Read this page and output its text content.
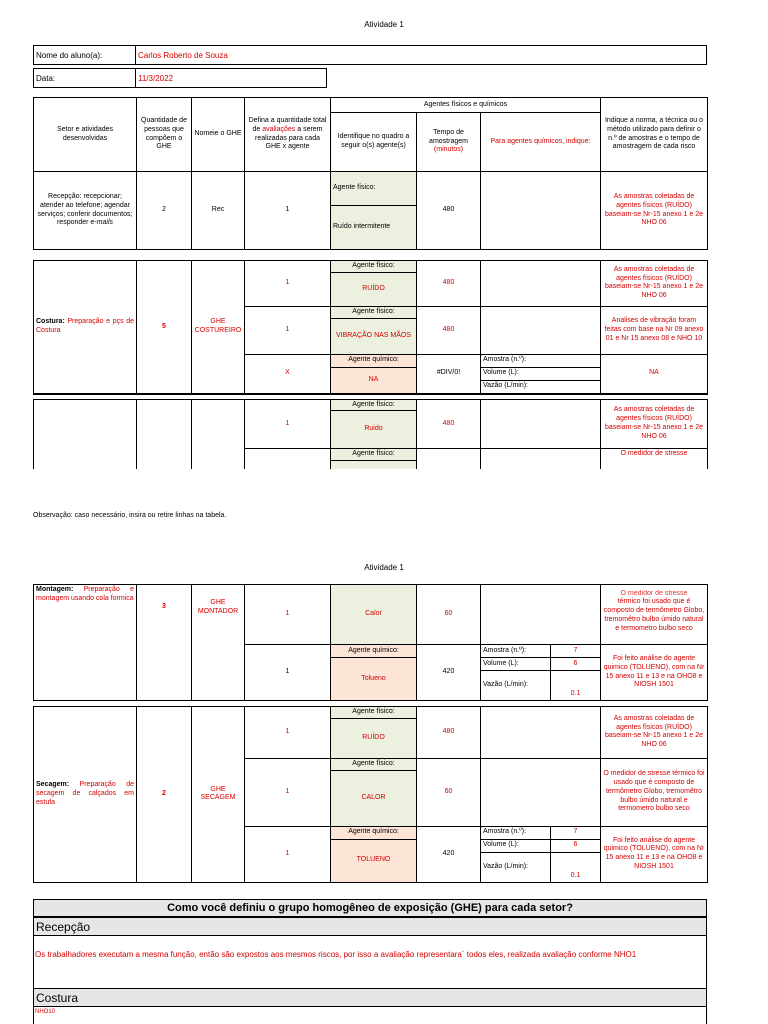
Atividade 1
Nome do aluno(a):	Carlos Roberto de Souza
Data:	11/3/2022
Setor e atividades desenvolvidas	Quantidade de pessoas que compõem o GHE	Nomeie o GHE	Defina a quantidade total de avaliações a serem realizadas para cada GHE x agente	Agentes físicos e químicos			Indique a norma, a técnica ou o método utilizado para definir o n.º de amostras e o tempo de amostragem de cada risco
				Identifique no quadro a seguir o(s) agente(s)	Tempo de amostragem (minutos)	Para agentes químicos, indique:	
Recepção: recepcionar; atender ao telefone; agendar serviços; conferir documentos; responder e-mails	2	Rec	1	Agente físico:	480		As amostras coletadas de agentes físicos (RUÍDO) baseiam-se Nr-15 anexo 1 e 2e NHO 06
				Ruído intermitente			

Costura: Preparação e pçs de Costura	5	GHE COSTUREIRO	1	Agente físico:	480		As amostras coletadas de agentes físicos (RUÍDO) baseiam-se Nr-15 anexo 1 e 2e NHO 06
				RUÍDO			
			1	Agente físico:	480		Analises de vibração foram feitas com base na Nr 09 anexo 01 e Nr 15 anexo 08 e NHO 10
				VIBRAÇÃO NAS MÃOS			
			X	Agente químico:	#DIV/0!	Amostra (n.º):	NA
				NA		Volume (L):	
						Vazão (L/min):	

			1	Agente físico:	480		As amostras coletadas de agentes físicos (RUÍDO) baseiam-se Nr-15 anexo 1 e 2e NHO 06
				Ruido			
				Agente físico:			O medidor de stresse

Observação: caso necessário, insira ou retire linhas na tabela.
Atividade 1
Montagem: Preparação e montagem usando cola formica	3	GHE MONTADOR	1	Calor	60			O medidor de stresse
térmico foi usado que é composto de termômetro Globo, tremomêtro bulbo úmido natural e termometro bulbo seco
			1	Agente químico:	420	Amostra (n.º):	7	Foi feito análise do agente quimico (TOLUENO), com na Nr 15 anexo 11 e 13 e na OHO8 e NIOSH 1501
				Tolueno		Volume (L):	6	
						Vazão (L/min):	0.1	

Secagem: Preparação de secagem de calçados em estufa	2	GHE SECAGEM	1	Agente físico:	480			As amostras coletadas de agentes físicos (RUÍDO) baseiam-se Nr-15 anexo 1 e 2e NHO 06
				RUÍDO				
			1	Agente físico:	60			O medidor de stresse térmico foi usado que é composto de termômetro Globo, tremomêtro bulbo úmido natural e termometro bulbo seco
				CALOR				
			1	Agente químico:	420	Amostra (n.º):	7	Foi feito análise do agente quimico (TOLUENO), com na Nr 15 anexo 11 e 13 e na OHO8 e NIOSH 1501
				TOLUENO		Volume (L):	6	
						Vazão (L/min):	0.1	
Como você definiu o grupo homogêneo de exposição (GHE) para cada setor?
Recepção
Os trabalhadores executam a mesma função, então são expostos aos mesmos riscos, por isso a avaliação representara´ todos eles, realizada avaliação conforme NHO1
Costura
NHO10
